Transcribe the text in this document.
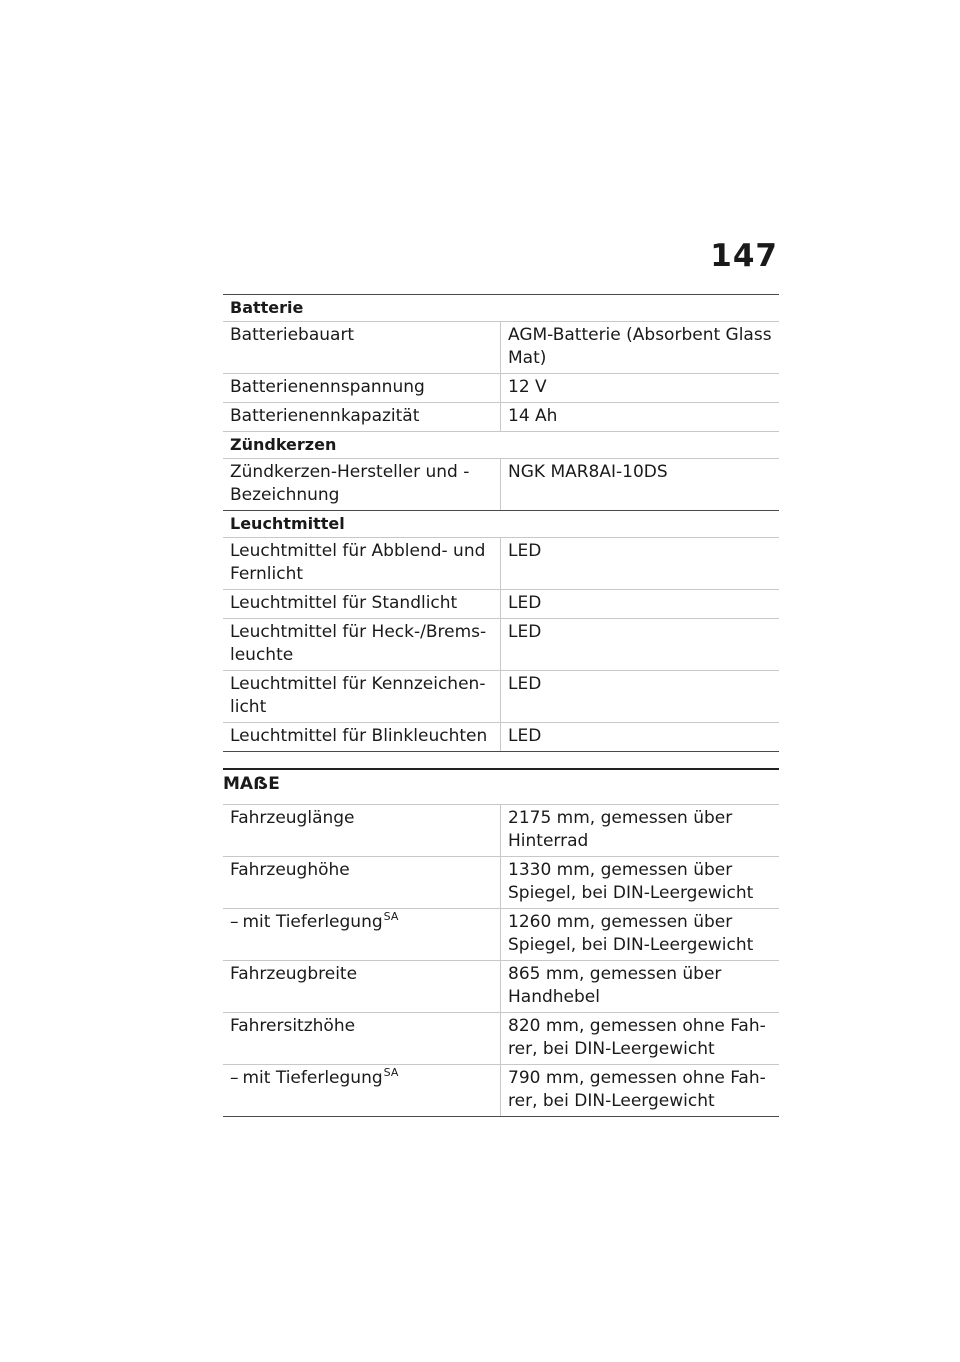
147
Batterie	
Batteriebauart	AGM-Batterie (Absorbent Glass Mat)
Batterienennspannung	12 V
Batterienennkapazität	14 Ah
Zündkerzen	
Zündkerzen-Hersteller und -Bezeichnung	NGK MAR8AI-10DS
Leuchtmittel	
Leuchtmittel für Abblend- und Fernlicht	LED
Leuchtmittel für Standlicht	LED
Leuchtmittel für Heck-/Brems-leuchte	LED
Leuchtmittel für Kennzeichen-licht	LED
Leuchtmittel für Blinkleuchten	LED
MAẞE
Fahrzeuglänge	2175 mm, gemessen über Hinterrad
Fahrzeughöhe	1330 mm, gemessen über Spiegel, bei DIN-Leergewicht
– mit Tieferlegung$^{SA}$	1260 mm, gemessen über Spiegel, bei DIN-Leergewicht
Fahrzeugbreite	865 mm, gemessen über Handhebel
Fahrersitzhöhe	820 mm, gemessen ohne Fah-rer, bei DIN-Leergewicht
– mit Tieferlegung$^{SA}$	790 mm, gemessen ohne Fah-rer, bei DIN-Leergewicht
